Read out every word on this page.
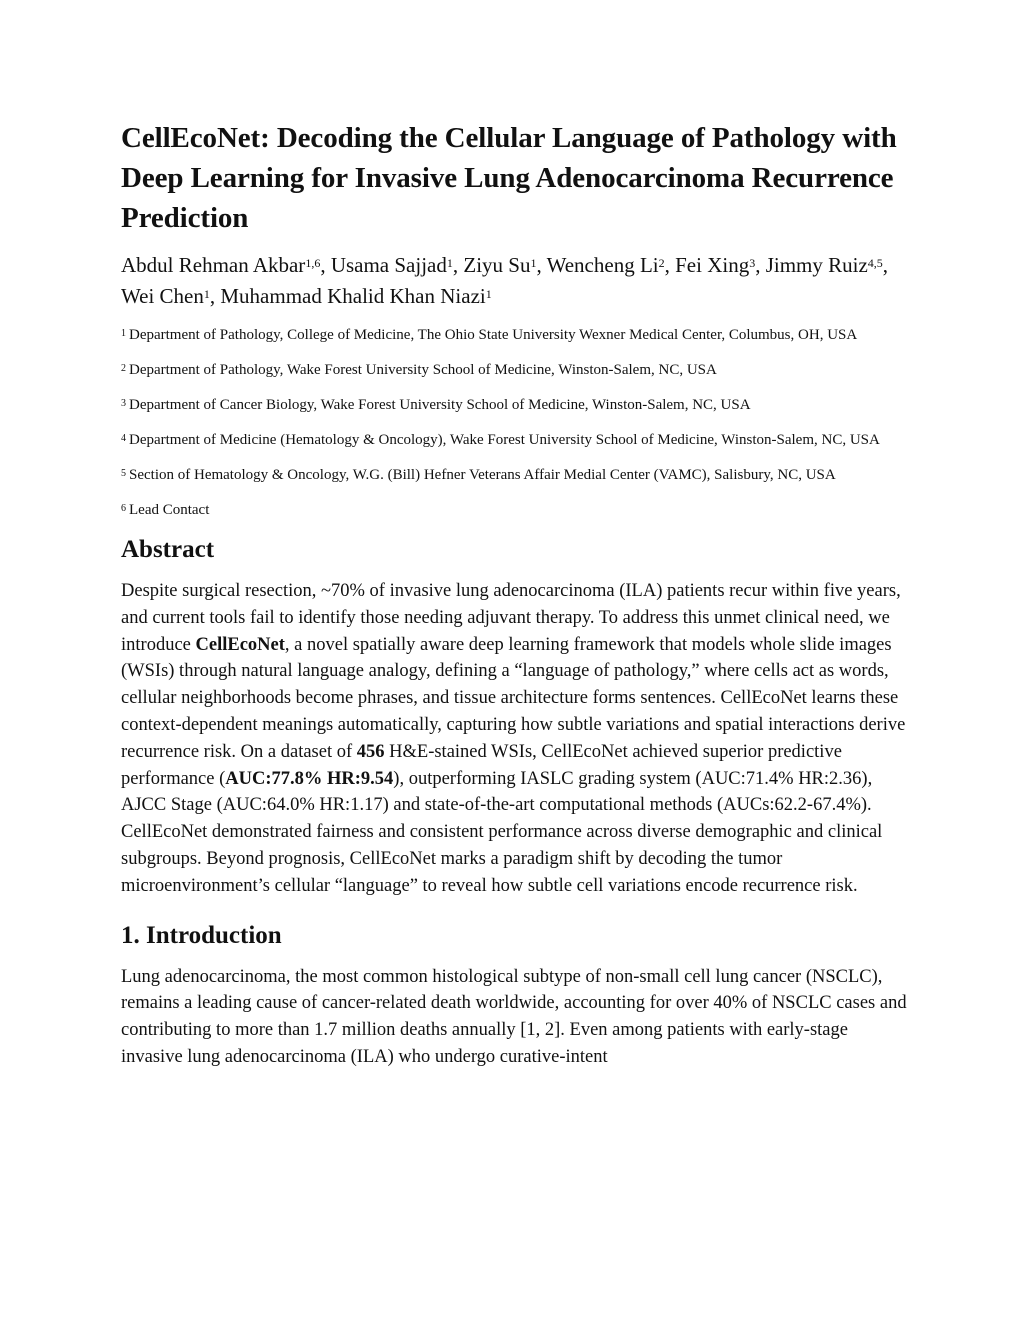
CellEcoNet: Decoding the Cellular Language of Pathology with Deep Learning for Invasive Lung Adenocarcinoma Recurrence Prediction
Abdul Rehman Akbar$^{1,6}$, Usama Sajjad$^1$, Ziyu Su$^1$, Wencheng Li$^2$, Fei Xing$^3$, Jimmy Ruiz$^{4,5}$, Wei Chen$^1$, Muhammad Khalid Khan Niazi$^1$

$^1$ Department of Pathology, College of Medicine, The Ohio State University Wexner Medical Center, Columbus, OH, USA

$^2$ Department of Pathology, Wake Forest University School of Medicine, Winston-Salem, NC, USA

$^3$ Department of Cancer Biology, Wake Forest University School of Medicine, Winston-Salem, NC, USA

$^4$ Department of Medicine (Hematology & Oncology), Wake Forest University School of Medicine, Winston-Salem, NC, USA

$^5$ Section of Hematology & Oncology, W.G. (Bill) Hefner Veterans Affair Medial Center (VAMC), Salisbury, NC, USA

$^6$ Lead Contact

Abstract

Despite surgical resection, ~70% of invasive lung adenocarcinoma (ILA) patients recur within five years, and current tools fail to identify those needing adjuvant therapy. To address this unmet clinical need, we introduce CellEcoNet, a novel spatially aware deep learning framework that models whole slide images (WSIs) through natural language analogy, defining a “language of pathology,” where cells act as words, cellular neighborhoods become phrases, and tissue architecture forms sentences. CellEcoNet learns these context-dependent meanings automatically, capturing how subtle variations and spatial interactions derive recurrence risk. On a dataset of 456 H&E-stained WSIs, CellEcoNet achieved superior predictive performance (AUC:77.8% HR:9.54), outperforming IASLC grading system (AUC:71.4% HR:2.36), AJCC Stage (AUC:64.0% HR:1.17) and state-of-the-art computational methods (AUCs:62.2-67.4%). CellEcoNet demonstrated fairness and consistent performance across diverse demographic and clinical subgroups. Beyond prognosis, CellEcoNet marks a paradigm shift by decoding the tumor microenvironment’s cellular “language” to reveal how subtle cell variations encode recurrence risk.

1. Introduction

Lung adenocarcinoma, the most common histological subtype of non-small cell lung cancer (NSCLC), remains a leading cause of cancer-related death worldwide, accounting for over 40% of NSCLC cases and contributing to more than 1.7 million deaths annually [1, 2]. Even among patients with early-stage invasive lung adenocarcinoma (ILA) who undergo curative-intent
